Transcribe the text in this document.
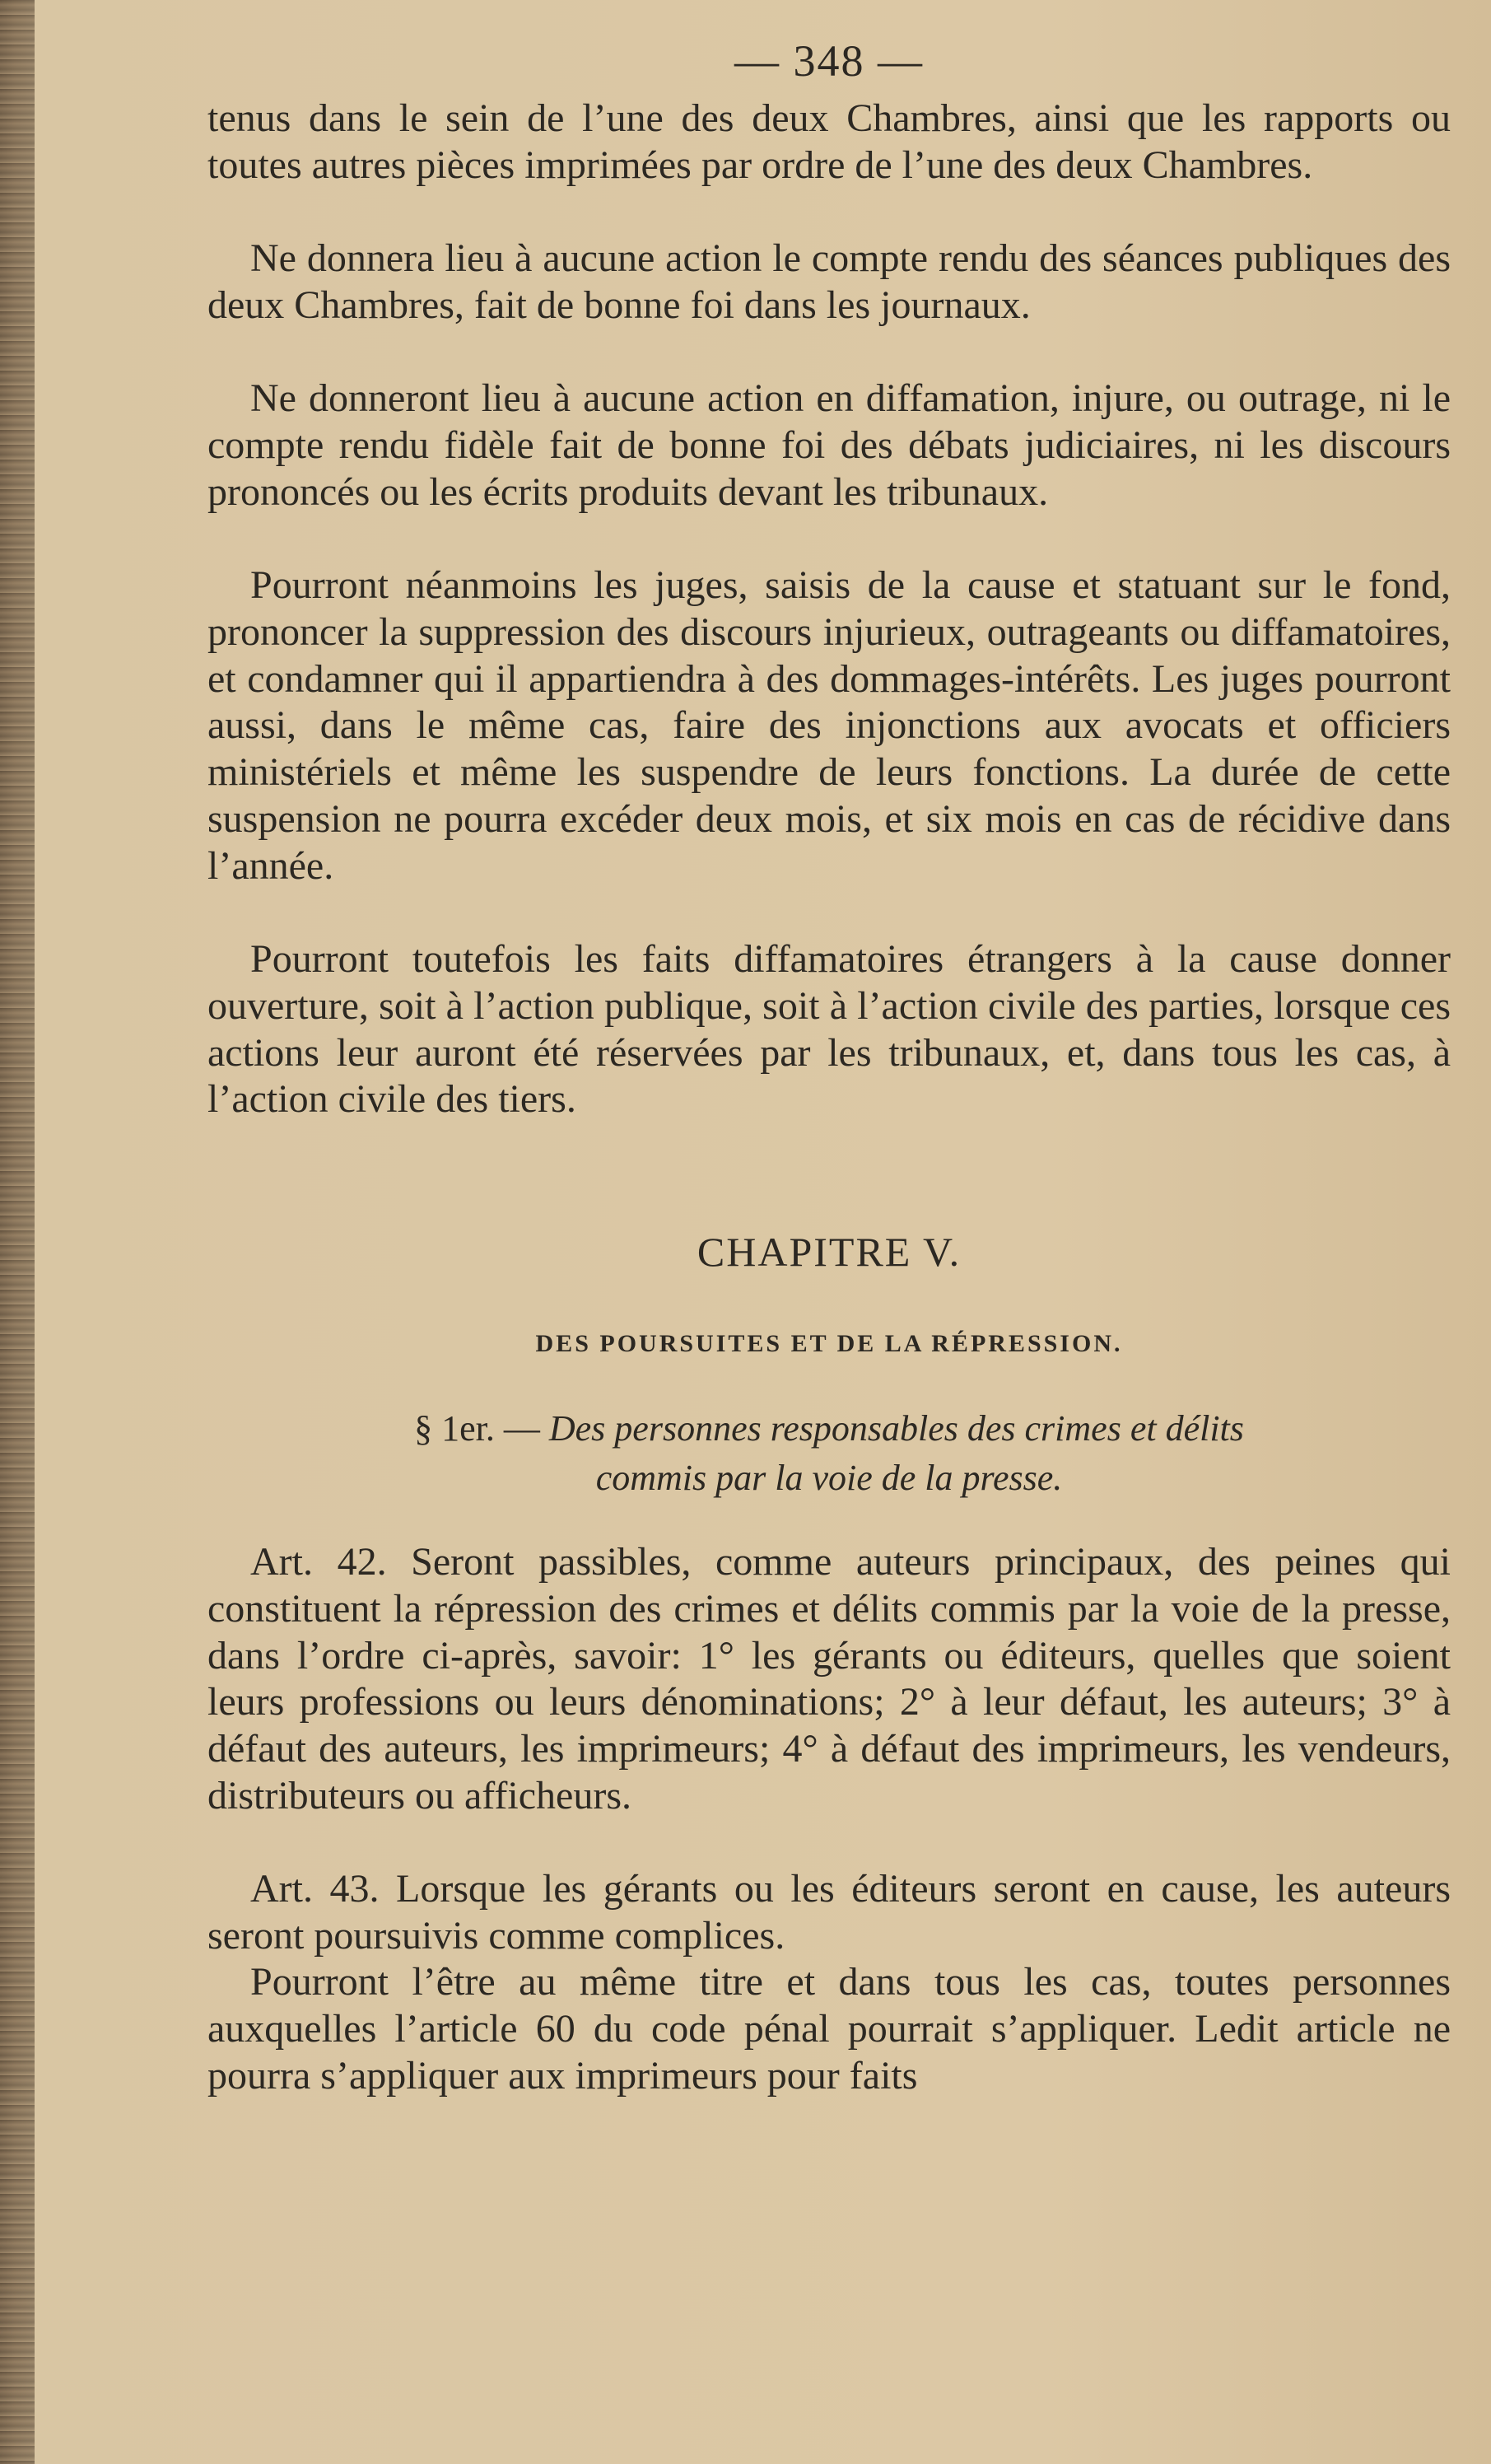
— 348 —

tenus dans le sein de l’une des deux Chambres, ainsi que les rapports ou toutes autres pièces imprimées par ordre de l’une des deux Chambres.

Ne donnera lieu à aucune action le compte rendu des séances publiques des deux Chambres, fait de bonne foi dans les journaux.

Ne donneront lieu à aucune action en diffamation, injure, ou outrage, ni le compte rendu fidèle fait de bonne foi des débats judiciaires, ni les discours prononcés ou les écrits produits devant les tribunaux.

Pourront néanmoins les juges, saisis de la cause et statuant sur le fond, prononcer la suppression des discours injurieux, outrageants ou diffamatoires, et condamner qui il appartiendra à des dommages-intérêts. Les juges pourront aussi, dans le même cas, faire des injonctions aux avocats et officiers ministériels et même les suspendre de leurs fonctions. La durée de cette suspension ne pourra excéder deux mois, et six mois en cas de récidive dans l’année.

Pourront toutefois les faits diffamatoires étrangers à la cause donner ouverture, soit à l’action publique, soit à l’action civile des parties, lorsque ces actions leur auront été réservées par les tribunaux, et, dans tous les cas, à l’action civile des tiers.

CHAPITRE V.
DES POURSUITES ET DE LA RÉPRESSION.
§ 1er. — Des personnes responsables des crimes et délits
commis par la voie de la presse.

Art. 42. Seront passibles, comme auteurs principaux, des peines qui constituent la répression des crimes et délits commis par la voie de la presse, dans l’ordre ci-après, savoir: 1° les gérants ou éditeurs, quelles que soient leurs professions ou leurs dénominations; 2° à leur défaut, les auteurs; 3° à défaut des auteurs, les imprimeurs; 4° à défaut des imprimeurs, les vendeurs, distributeurs ou afficheurs.

Art. 43. Lorsque les gérants ou les éditeurs seront en cause, les auteurs seront poursuivis comme complices.

Pourront l’être au même titre et dans tous les cas, toutes personnes auxquelles l’article 60 du code pénal pourrait s’appliquer. Ledit article ne pourra s’appliquer aux imprimeurs pour faits
